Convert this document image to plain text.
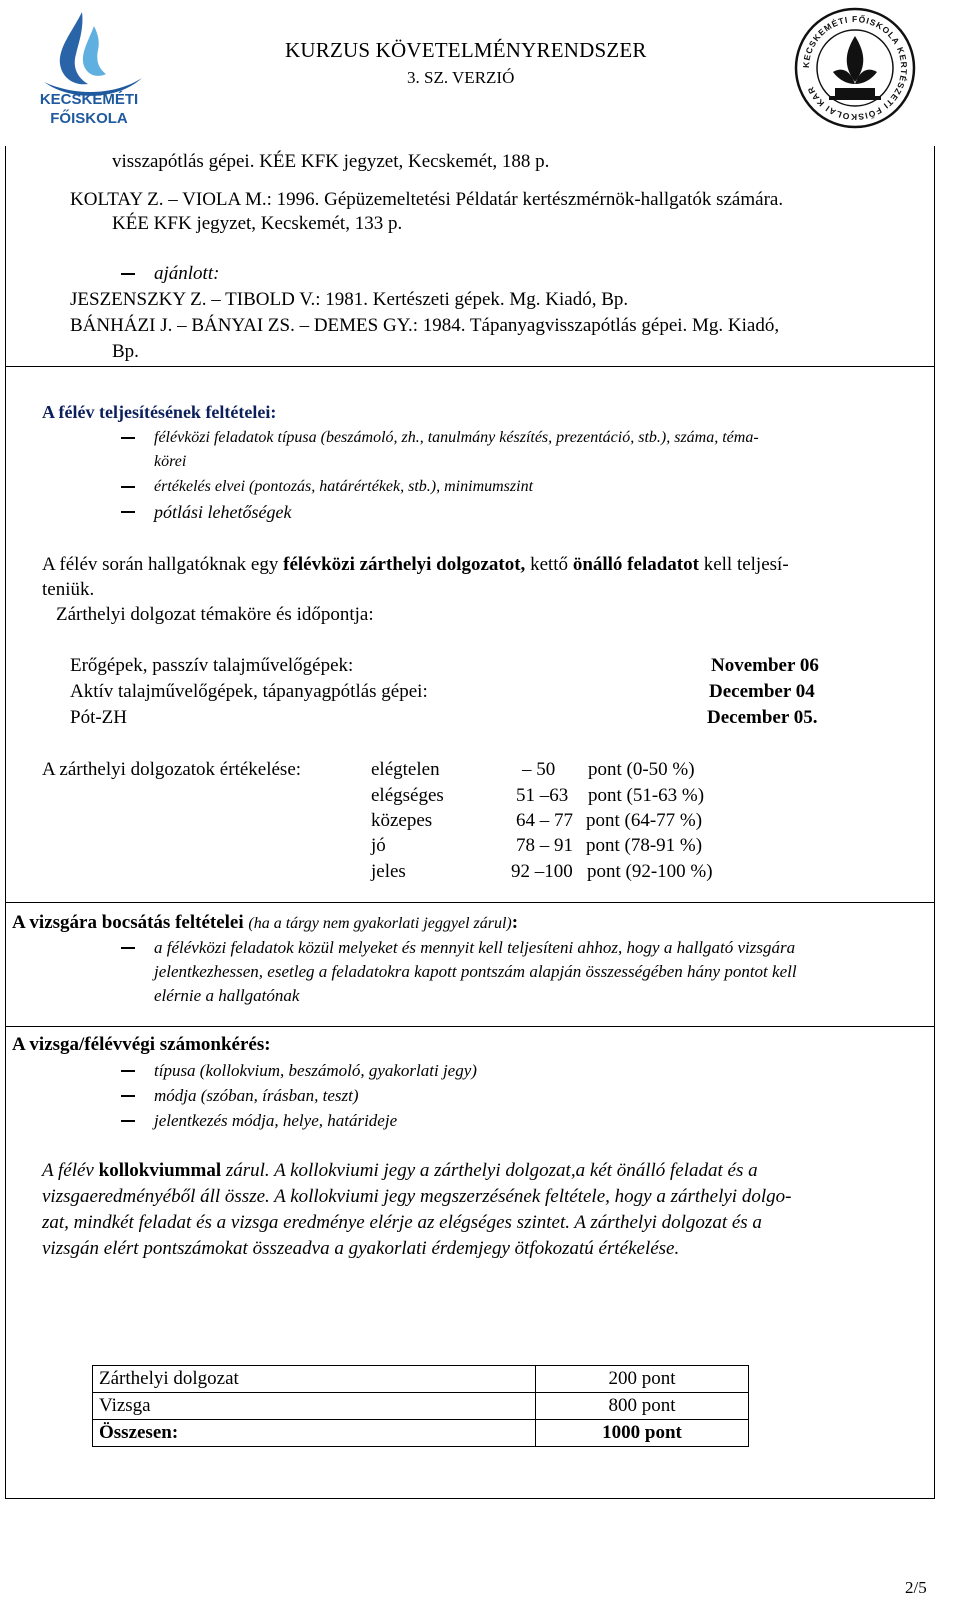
KECSKEMÉTI
FŐISKOLA
KURZUS KÖVETELMÉNYRENDSZER
3. SZ. VERZIÓ
KECSKEMÉTI FŐISKOLA KERTÉSZETI FŐISKOLAI KAR
visszapótlás gépei. KÉE KFK jegyzet, Kecskemét, 188 p.
KOLTAY Z. – VIOLA M.: 1996. Gépüzemeltetési Példatár kertészmérnök-hallgatók számára.
KÉE KFK jegyzet, Kecskemét, 133 p.
ajánlott:
JESZENSZKY Z. – TIBOLD V.: 1981. Kertészeti gépek. Mg. Kiadó, Bp.
BÁNHÁZI J. – BÁNYAI ZS. – DEMES GY.: 1984. Tápanyagvisszapótlás gépei. Mg. Kiadó,
Bp.
A félév teljesítésének feltételei:
félévközi feladatok típusa (beszámoló, zh., tanulmány készítés, prezentáció, stb.), száma, téma-
körei
értékelés elvei (pontozás, határértékek, stb.), minimumszint
pótlási lehetőségek
A félév során hallgatóknak egy félévközi zárthelyi dolgozatot, kettő önálló feladatot kell teljesí-
teniük.
Zárthelyi dolgozat témaköre és időpontja:
Erőgépek, passzív talajművelőgépek:	November 06
Aktív talajművelőgépek, tápanyagpótlás gépei:	December 04
Pót-ZH	December 05.
A zárthelyi dolgozatok értékelése:	elégtelen	– 50 pont (0-50 %)
elégséges	51 –63 pont (51-63 %)
közepes	64 – 77 pont (64-77 %)
jó	78 – 91 pont (78-91 %)
jeles	92 –100 pont (92-100 %)
A vizsgára bocsátás feltételei (ha a tárgy nem gyakorlati jeggyel zárul):
a félévközi feladatok közül melyeket és mennyit kell teljesíteni ahhoz, hogy a hallgató vizsgára
jelentkezhessen, esetleg a feladatokra kapott pontszám alapján összességében hány pontot kell
elérnie a hallgatónak
A vizsga/félévvégi számonkérés:
típusa (kollokvium, beszámoló, gyakorlati jegy)
módja (szóban, írásban, teszt)
jelentkezés módja, helye, határideje
A félév kollokviummal zárul. A kollokviumi jegy a zárthelyi dolgozat,a két önálló feladat és a
vizsgaeredményéből áll össze. A kollokviumi jegy megszerzésének feltétele, hogy a zárthelyi dolgo-
zat, mindkét feladat és a vizsga eredménye elérje az elégséges szintet. A zárthelyi dolgozat és a
vizsgán elért pontszámokat összeadva a gyakorlati érdemjegy ötfokozatú értékelése.
Zárthelyi dolgozat	200 pont
Vizsga	800 pont
Összesen:	1000 pont
2/5
